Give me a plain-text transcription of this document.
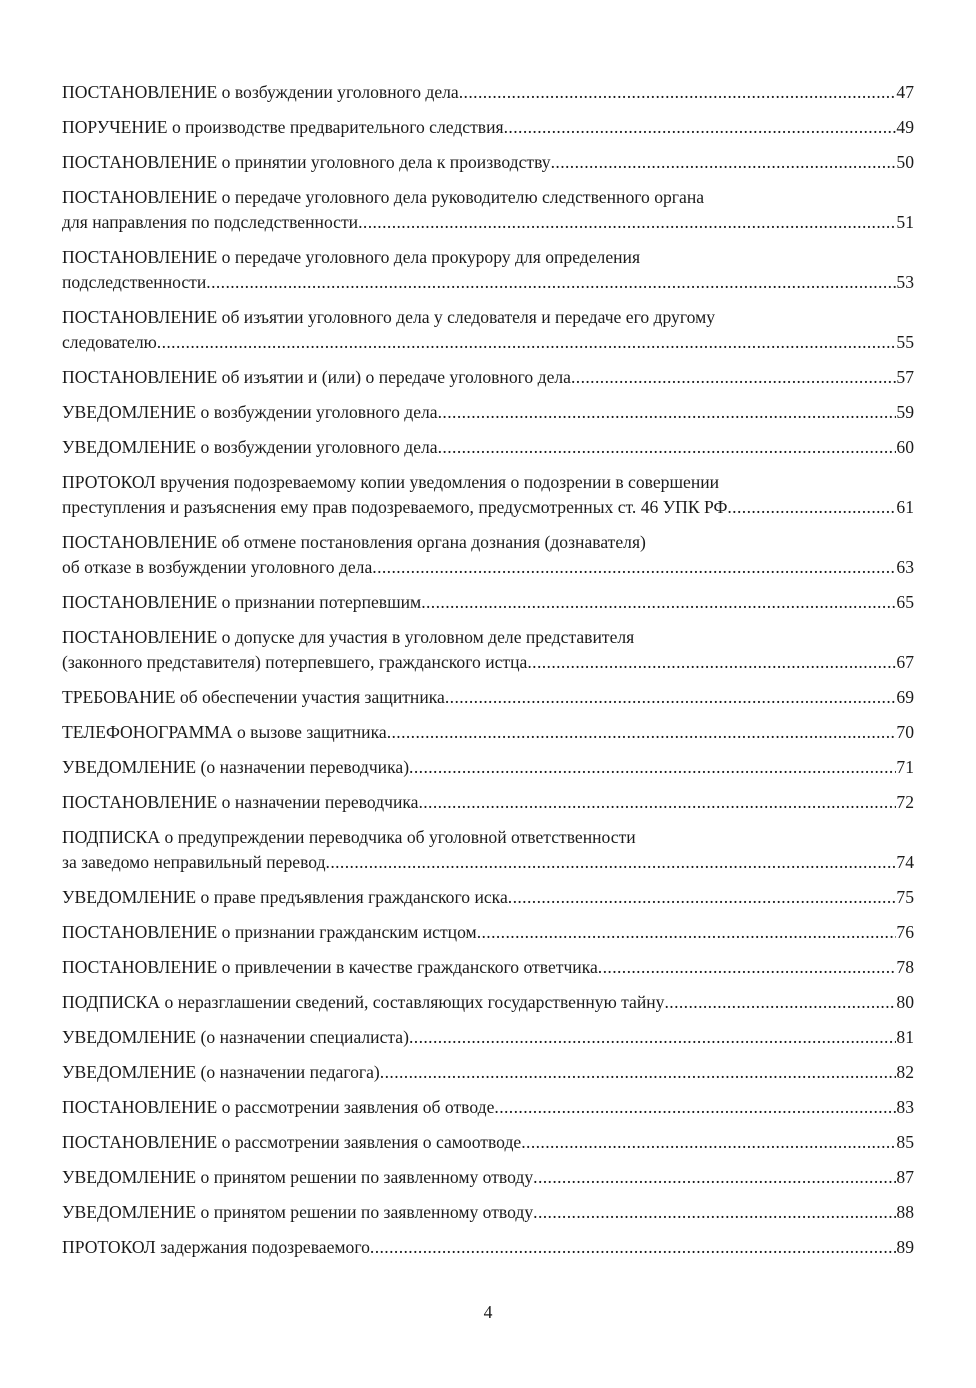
ПОСТАНОВЛЕНИЕ о возбуждении уголовного дела .....	47
ПОРУЧЕНИЕ о производстве предварительного следствия .....	49
ПОСТАНОВЛЕНИЕ о принятии уголовного дела к производству .....	50
ПОСТАНОВЛЕНИЕ о передаче уголовного дела руководителю следственного органа
для направления по подследственности .....	51
ПОСТАНОВЛЕНИЕ о передаче уголовного дела прокурору для определения
подследственности .....	53
ПОСТАНОВЛЕНИЕ об изъятии уголовного дела у следователя и передаче его другому
следователю .....	55
ПОСТАНОВЛЕНИЕ об изъятии и (или) о передаче уголовного дела .....	57
УВЕДОМЛЕНИЕ о возбуждении уголовного дела .....	59
УВЕДОМЛЕНИЕ о возбуждении уголовного дела .....	60
ПРОТОКОЛ вручения подозреваемому копии уведомления о подозрении в совершении
преступления и разъяснения ему прав подозреваемого, предусмотренных ст. 46 УПК РФ .....	61
ПОСТАНОВЛЕНИЕ об отмене постановления органа дознания (дознавателя)
об отказе в возбуждении уголовного дела .....	63
ПОСТАНОВЛЕНИЕ о признании потерпевшим .....	65
ПОСТАНОВЛЕНИЕ о допуске для участия в уголовном деле представителя
(законного представителя) потерпевшего, гражданского истца .....	67
ТРЕБОВАНИЕ об обеспечении участия защитника .....	69
ТЕЛЕФОНОГРАММА о вызове защитника .....	70
УВЕДОМЛЕНИЕ (о назначении переводчика) .....	71
ПОСТАНОВЛЕНИЕ о назначении переводчика .....	72
ПОДПИСКА о предупреждении переводчика об уголовной ответственности
за заведомо неправильный перевод .....	74
УВЕДОМЛЕНИЕ о праве предъявления гражданского иска .....	75
ПОСТАНОВЛЕНИЕ о признании гражданским истцом .....	76
ПОСТАНОВЛЕНИЕ о привлечении в качестве гражданского ответчика .....	78
ПОДПИСКА о неразглашении сведений, составляющих государственную тайну .....	80
УВЕДОМЛЕНИЕ (о назначении специалиста) .....	81
УВЕДОМЛЕНИЕ (о назначении педагога) .....	82
ПОСТАНОВЛЕНИЕ о рассмотрении заявления об отводе .....	83
ПОСТАНОВЛЕНИЕ о рассмотрении заявления о самоотводе .....	85
УВЕДОМЛЕНИЕ о принятом решении по заявленному отводу .....	87
УВЕДОМЛЕНИЕ о принятом решении по заявленному отводу .....	88
ПРОТОКОЛ задержания подозреваемого .....	89
4
